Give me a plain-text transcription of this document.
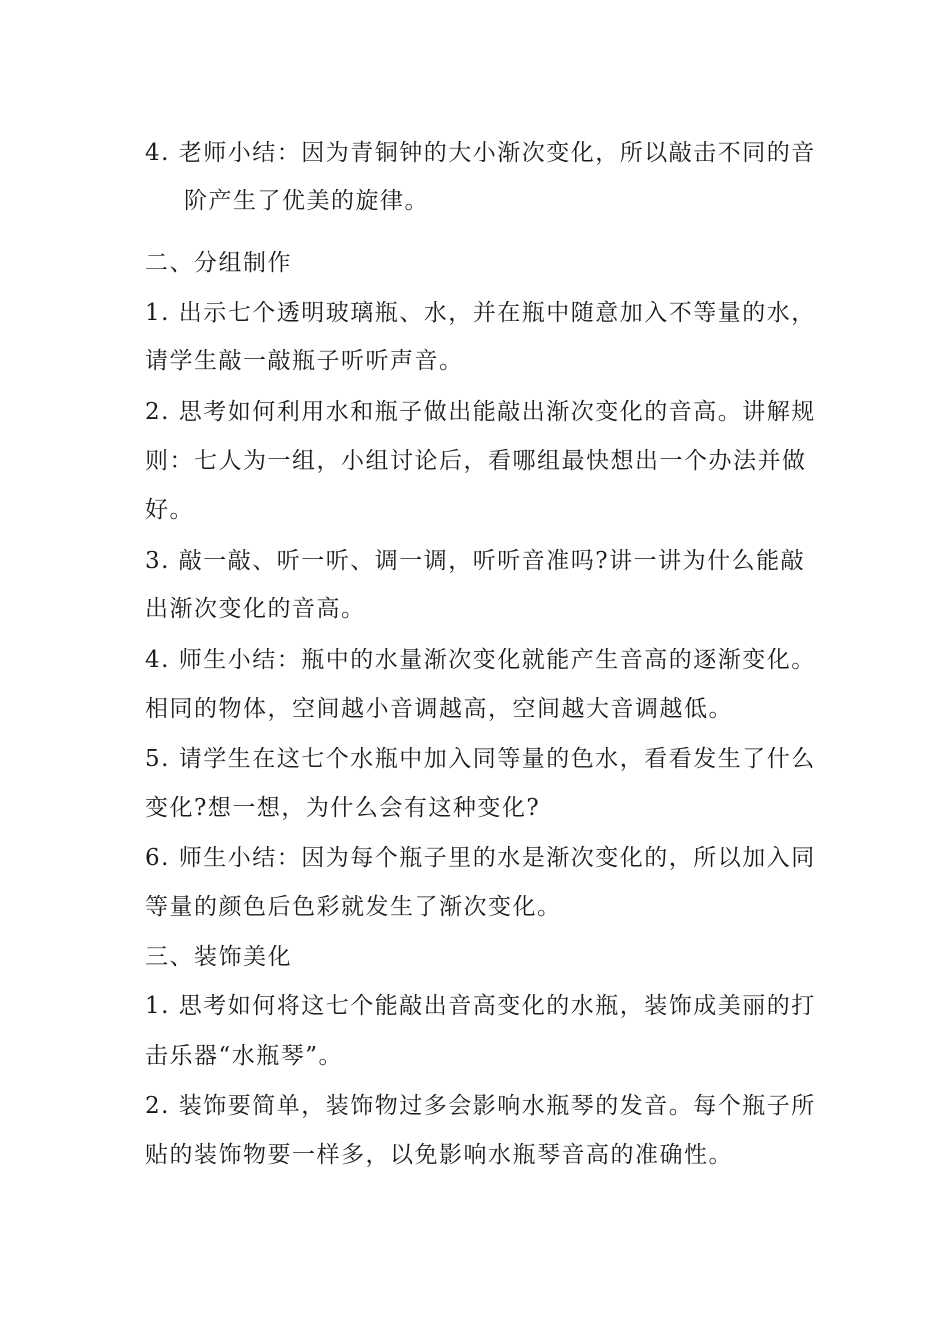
4. 老师小结：因为青铜钟的大小渐次变化，所以敲击不同的音
阶产生了优美的旋律。
二、分组制作
1. 出示七个透明玻璃瓶、水，并在瓶中随意加入不等量的水，
请学生敲一敲瓶子听听声音。
2. 思考如何利用水和瓶子做出能敲出渐次变化的音高。讲解规
则：七人为一组，小组讨论后，看哪组最快想出一个办法并做
好。
3. 敲一敲、听一听、调一调，听听音准吗?讲一讲为什么能敲
出渐次变化的音高。
4. 师生小结：瓶中的水量渐次变化就能产生音高的逐渐变化。
相同的物体，空间越小音调越高，空间越大音调越低。
5. 请学生在这七个水瓶中加入同等量的色水，看看发生了什么
变化?想一想，为什么会有这种变化?
6. 师生小结：因为每个瓶子里的水是渐次变化的，所以加入同
等量的颜色后色彩就发生了渐次变化。
三、装饰美化
1. 思考如何将这七个能敲出音高变化的水瓶，装饰成美丽的打
击乐器“水瓶琴”。
2. 装饰要简单，装饰物过多会影响水瓶琴的发音。每个瓶子所
贴的装饰物要一样多，以免影响水瓶琴音高的准确性。
